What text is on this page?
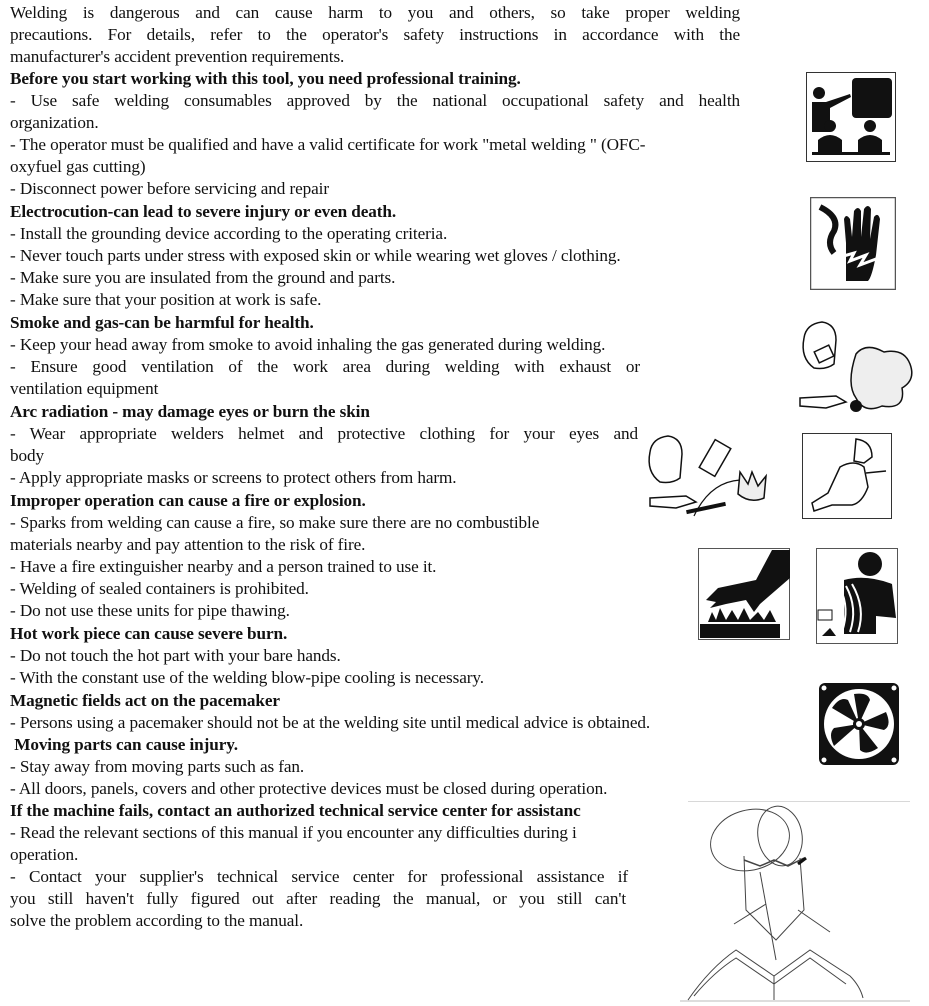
Welding is dangerous and can cause harm to you and others, so take proper welding
precautions. For details, refer to the operator's safety instructions in accordance with the
manufacturer's accident prevention requirements.
Before you start working with this tool, you need professional training.
- Use safe welding consumables approved by the national occupational safety and health
organization.
- The operator must be qualified and have a valid certificate for work "metal welding " (OFC-
oxyfuel gas cutting)
- Disconnect power before servicing and repair
Electrocution-can lead to severe injury or even death.
- Install the grounding device according to the operating criteria.
- Never touch parts under stress with exposed skin or while wearing wet gloves / clothing.
- Make sure you are insulated from the ground and parts.
- Make sure that your position at work is safe.
Smoke and gas-can be harmful for health.
- Keep your head away from smoke to avoid inhaling the gas generated during welding.
- Ensure good ventilation of the work area during welding with exhaust or
ventilation equipment
Arc radiation - may damage eyes or burn the skin
- Wear appropriate welders helmet and protective clothing for your eyes and
body
- Apply appropriate masks or screens to protect others from harm.
Improper operation can cause a fire or explosion.
- Sparks from welding can cause a fire, so make sure there are no combustible
materials nearby and pay attention to the risk of fire.
- Have a fire extinguisher nearby and a person trained to use it.
- Welding of sealed containers is prohibited.
- Do not use these units for pipe thawing.
Hot work piece can cause severe burn.
- Do not touch the hot part with your bare hands.
- With the constant use of the welding blow-pipe cooling is necessary.
Magnetic fields act on the pacemaker
- Persons using a pacemaker should not be at the welding site until medical advice is obtained.
Moving parts can cause injury.
- Stay away from moving parts such as fan.
- All doors, panels, covers and other protective devices must be closed during operation.
If the machine fails, contact an authorized technical service center for assistanc
- Read the relevant sections of this manual if you encounter any difficulties during i
operation.
- Contact your supplier's technical service center for professional assistance if
you still haven't fully figured out after reading the manual, or you still can't
solve the problem according to the manual.
